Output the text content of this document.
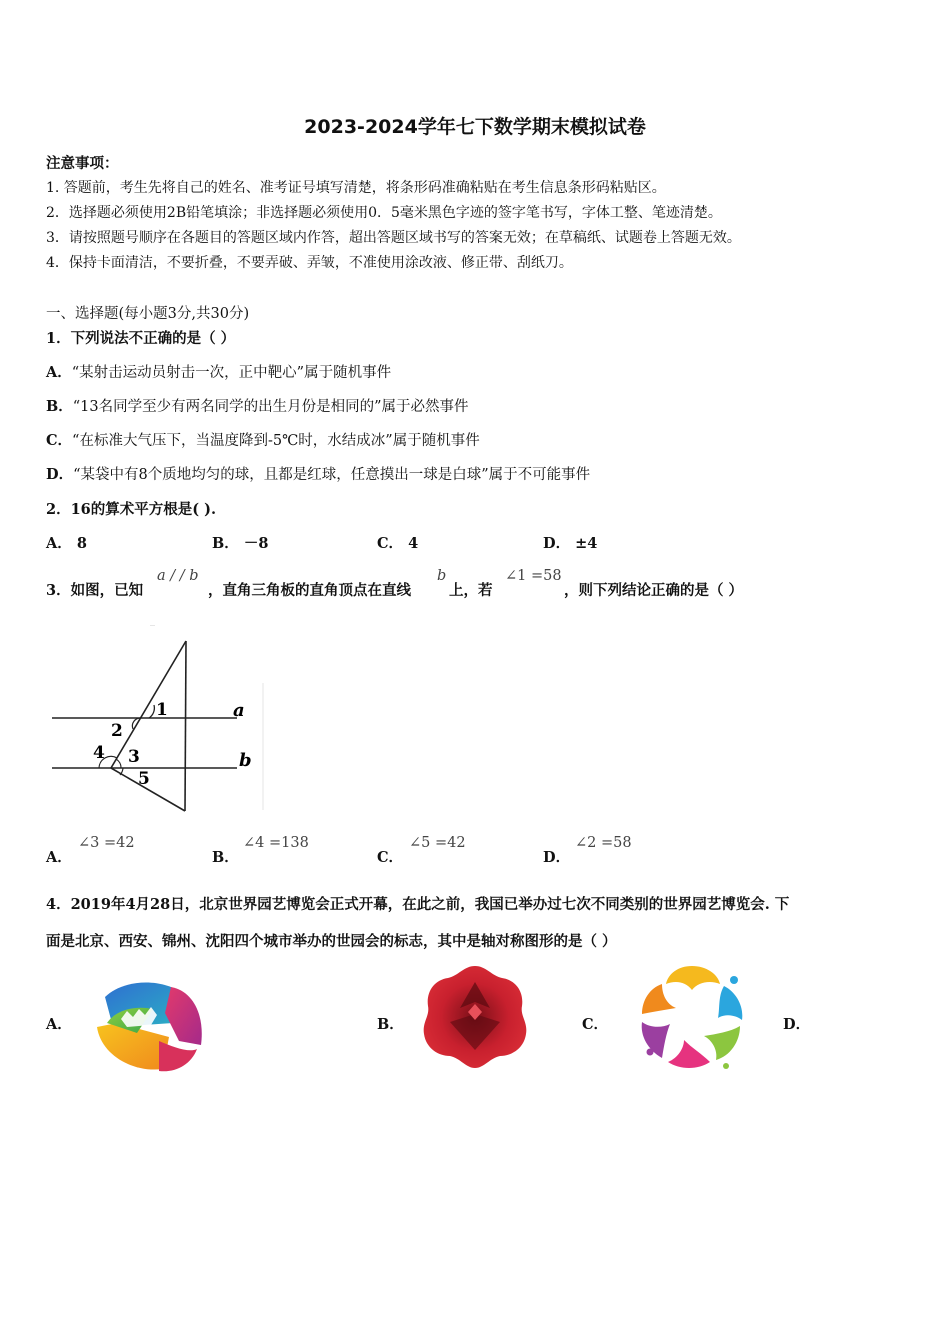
2023-2024学年七下数学期末模拟试卷
注意事项：
1. 答题前，考生先将自己的姓名、准考证号填写清楚，将条形码准确粘贴在考生信息条形码粘贴区。
2．选择题必须使用2B铅笔填涂；非选择题必须使用0．5毫米黑色字迹的签字笔书写，字体工整、笔迹清楚。
3．请按照题号顺序在各题目的答题区域内作答，超出答题区域书写的答案无效；在草稿纸、试题卷上答题无效。
4．保持卡面清洁，不要折叠，不要弄破、弄皱，不准使用涂改液、修正带、刮纸刀。
一、选择题(每小题3分,共30分)
1．下列说法不正确的是（ ）
A．“某射击运动员射击一次，正中靶心”属于随机事件
B．“13名同学至少有两名同学的出生月份是相同的”属于必然事件
C．“在标准大气压下，当温度降到-5℃时，水结成冰”属于随机事件
D．“某袋中有8个质地均匀的球，且都是红球，任意摸出一球是白球”属于不可能事件
2．16的算术平方根是( ).
A． 8	B． －8	C． 4	D． ±4
3．如图，已知
a / / b
，直角三角板的直角顶点在直线
b
上，若
∠1 =58
，则下列结论正确的是（ ）
1
2
4 3
5
a
b
A．
∠3 =42
B．
∠4 =138
C．
∠5 =42
D．
∠2 =58
4．2019年4月28日，北京世界园艺博览会正式开幕，在此之前，我国已举办过七次不同类别的世界园艺博览会. 下
面是北京、西安、锦州、沈阳四个城市举办的世园会的标志，其中是轴对称图形的是（ ）
A．	B．	C．	D．
